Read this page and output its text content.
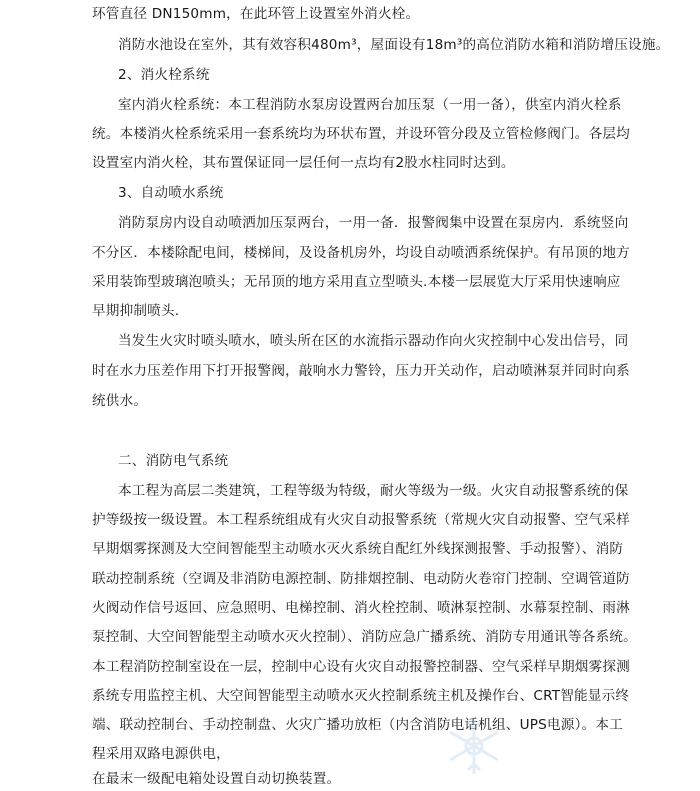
环管直径 DN150mm，在此环管上设置室外消火栓。
消防水池设在室外，其有效容积480m³，屋面设有18m³的高位消防水箱和消防增压设施。
2、消火栓系统
室内消火栓系统：本工程消防水泵房设置两台加压泵（一用一备），供室内消火栓系
统。本楼消火栓系统采用一套系统均为环状布置，并设环管分段及立管检修阀门。各层均
设置室内消火栓，其布置保证同一层任何一点均有2股水柱同时达到。
3、自动喷水系统
消防泵房内设自动喷洒加压泵两台，一用一备．报警阀集中设置在泵房内．系统竖向
不分区．本楼除配电间，楼梯间，及设备机房外，均设自动喷洒系统保护。有吊顶的地方
采用装饰型玻璃泡喷头；无吊顶的地方采用直立型喷头.本楼一层展览大厅采用快速响应
早期抑制喷头.
当发生火灾时喷头喷水，喷头所在区的水流指示器动作向火灾控制中心发出信号，同
时在水力压差作用下打开报警阀，敲响水力警铃，压力开关动作，启动喷淋泵并同时向系
统供水。
二、消防电气系统
本工程为高层二类建筑，工程等级为特级，耐火等级为一级。火灾自动报警系统的保
护等级按一级设置。本工程系统组成有火灾自动报警系统（常规火灾自动报警、空气采样
早期烟雾探测及大空间智能型主动喷水灭火系统自配红外线探测报警、手动报警）、消防
联动控制系统（空调及非消防电源控制、防排烟控制、电动防火卷帘门控制、空调管道防
火阀动作信号返回、应急照明、电梯控制、消火栓控制、喷淋泵控制、水幕泵控制、雨淋
泵控制、大空间智能型主动喷水灭火控制）、消防应急广播系统、消防专用通讯等各系统。
本工程消防控制室设在一层，控制中心设有火灾自动报警控制器、空气采样早期烟雾探测
系统专用监控主机、大空间智能型主动喷水灭火控制系统主机及操作台、CRT智能显示终
端、联动控制台、手动控制盘、火灾广播功放柜（内含消防电话机组、UPS电源）。本工
程采用双路电源供电，
在最末一级配电箱处设置自动切换装置。
